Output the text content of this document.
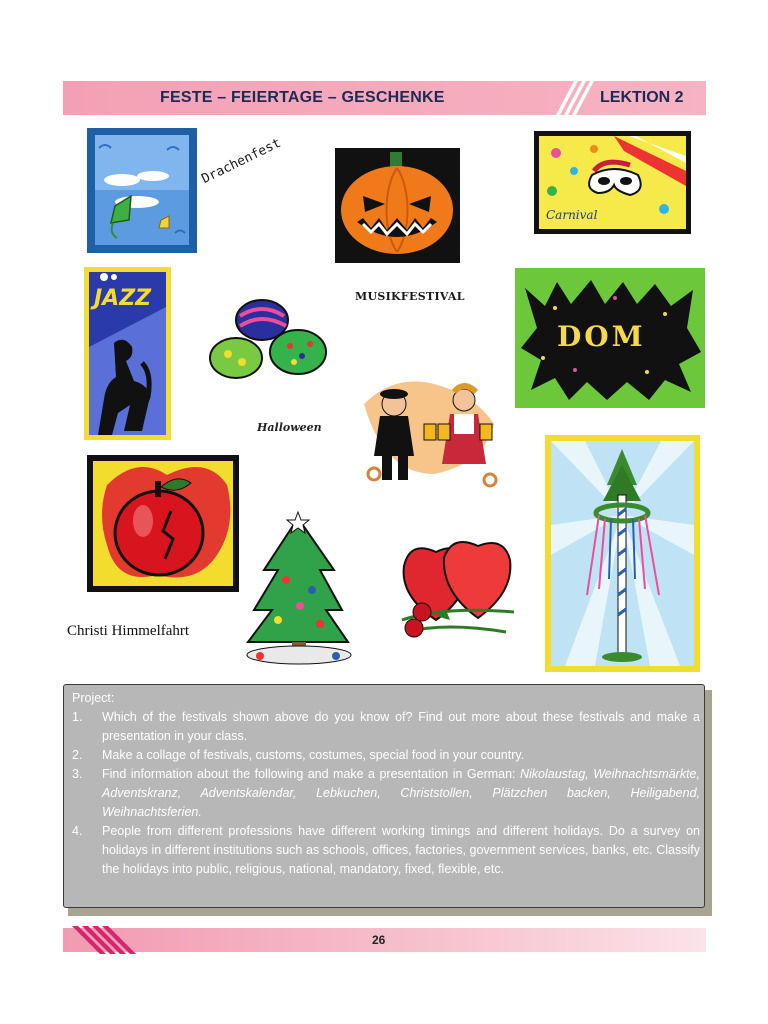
FESTE – FEIERTAGE – GESCHENKE	LEKTION 2
Drachenfest
Carnival
JAZZ	MUSIKFESTIVAL
DOM
Halloween
Christi Himmelfahrt
Project:
1. Which of the festivals shown above do you know of? Find out more about these festivals and make a presentation in your class.
2. Make a collage of festivals, customs, costumes, special food in your country.
3. Find information about the following and make a presentation in German: Nikolaustag, Weihnachtsmärkte, Adventskranz, Adventskalendar, Lebkuchen, Christstollen, Plätzchen backen, Heiligabend, Weihnachtsferien.
4. People from different professions have different working timings and different holidays. Do a survey on holidays in different institutions such as schools, offices, factories, government services, banks, etc. Classify the holidays into public, religious, national, mandatory, fixed, flexible, etc.
26
